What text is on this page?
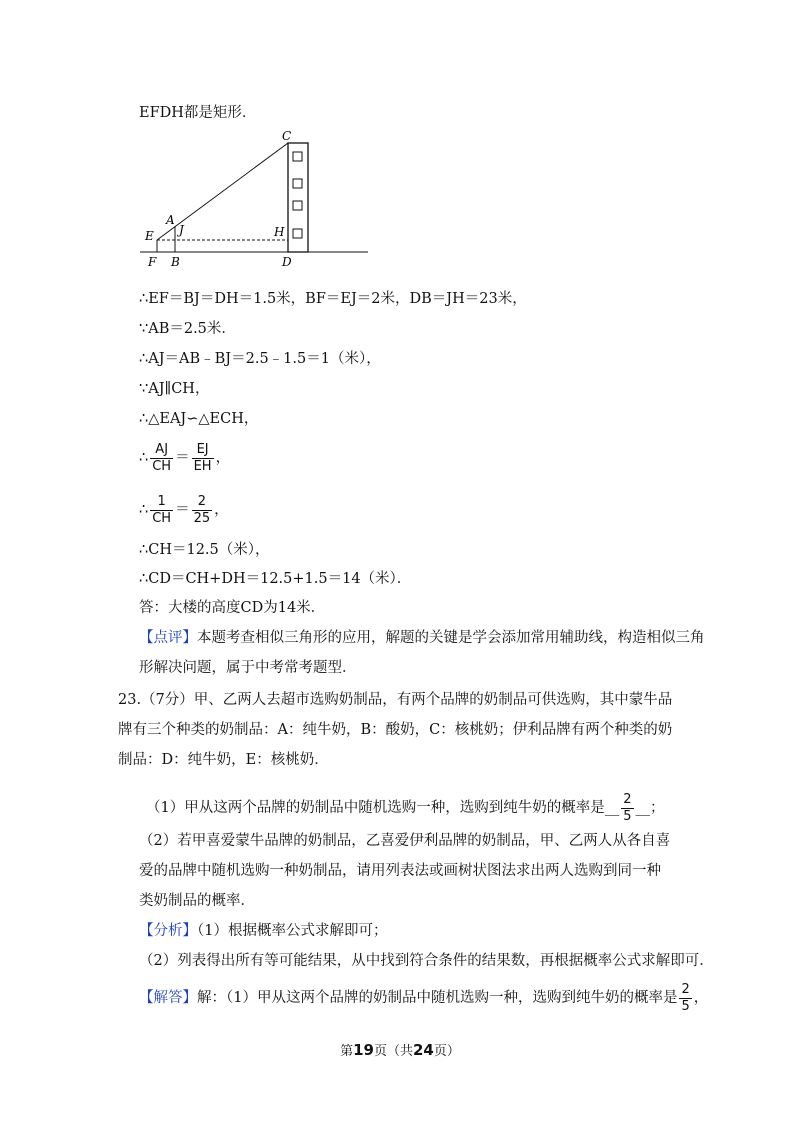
EFDH都是矩形．
C
A
J
E	H
F B	D
∴EF＝BJ＝DH＝1.5米，BF＝EJ＝2米，DB＝JH＝23米，
∵AB＝2.5米．
∴AJ＝AB﹣BJ＝2.5﹣1.5＝1（米），
∵AJ∥CH，
∴△EAJ∽△ECH，
∴ $\frac{AJ}{CH} = \frac{EJ}{EH}$ ，
∴ $\frac{1}{CH} = \frac{2}{25}$ ，
∴CH＝12.5（米），
∴CD＝CH+DH＝12.5+1.5＝14（米）．
答：大楼的高度CD为14米．
【点评】本题考查相似三角形的应用，解题的关键是学会添加常用辅助线，构造相似三角
形解决问题，属于中考常考题型．
23.（7分）甲、乙两人去超市选购奶制品，有两个品牌的奶制品可供选购，其中蒙牛品牌有三个种类的奶制品：A：纯牛奶，B：酸奶，C：核桃奶；伊利品牌有两个种类的奶制品：D：纯牛奶，E：核桃奶．
（1）甲从这两个品牌的奶制品中随机选购一种，选购到纯牛奶的概率是__ $\frac{2}{5}$ __；
（2）若甲喜爱蒙牛品牌的奶制品，乙喜爱伊利品牌的奶制品，甲、乙两人从各自喜爱的品牌中随机选购一种奶制品，请用列表法或画树状图法求出两人选购到同一种类奶制品的概率．
【分析】（1）根据概率公式求解即可；
（2）列表得出所有等可能结果，从中找到符合条件的结果数，再根据概率公式求解即可．
【解答】解：（1）甲从这两个品牌的奶制品中随机选购一种，选购到纯牛奶的概率是 $\frac{2}{5}$ ，
第19页（共24页）
